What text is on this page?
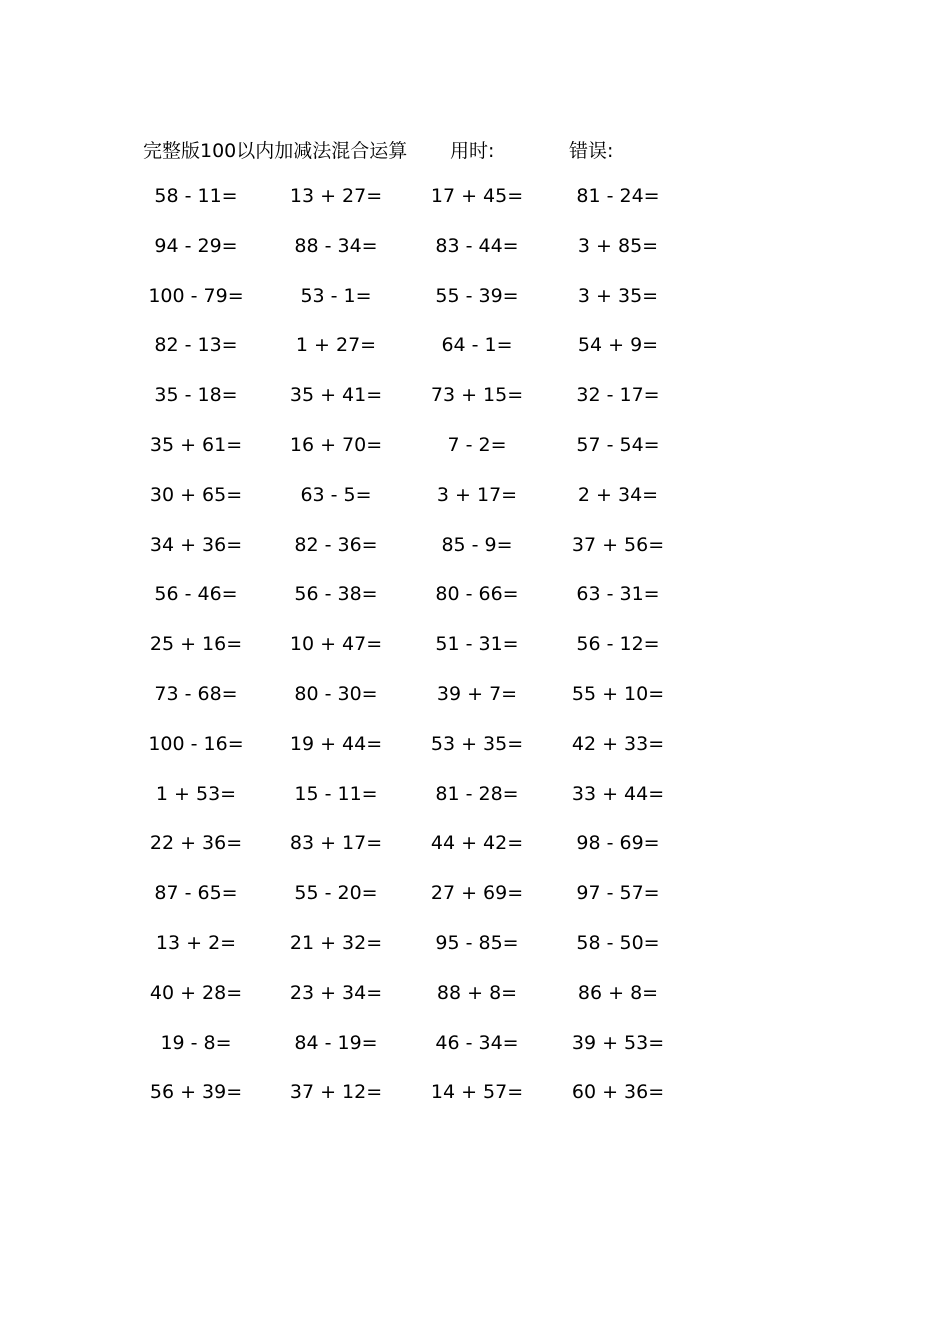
完整版100以内加减法混合运算 用时:	错误:
58 - 11=	13 + 27=	17 + 45=	81 - 24=
94 - 29=	88 - 34=	83 - 44=	3 + 85=
100 - 79=	53 - 1=	55 - 39=	3 + 35=
82 - 13=	1 + 27=	64 - 1=	54 + 9=
35 - 18=	35 + 41=	73 + 15=	32 - 17=
35 + 61=	16 + 70=	7 - 2=	57 - 54=
30 + 65=	63 - 5=	3 + 17=	2 + 34=
34 + 36=	82 - 36=	85 - 9=	37 + 56=
56 - 46=	56 - 38=	80 - 66=	63 - 31=
25 + 16=	10 + 47=	51 - 31=	56 - 12=
73 - 68=	80 - 30=	39 + 7=	55 + 10=
100 - 16= 19 + 44=	53 + 35=	42 + 33=
1 + 53=	15 - 11=	81 - 28=	33 + 44=
22 + 36=	83 + 17=	44 + 42=	98 - 69=
87 - 65=	55 - 20=	27 + 69=	97 - 57=
13 + 2=	21 + 32=	95 - 85=	58 - 50=
40 + 28=	23 + 34=	88 + 8=	86 + 8=
19 - 8=	84 - 19=	46 - 34=	39 + 53=
56 + 39=	37 + 12=	14 + 57=	60 + 36=
